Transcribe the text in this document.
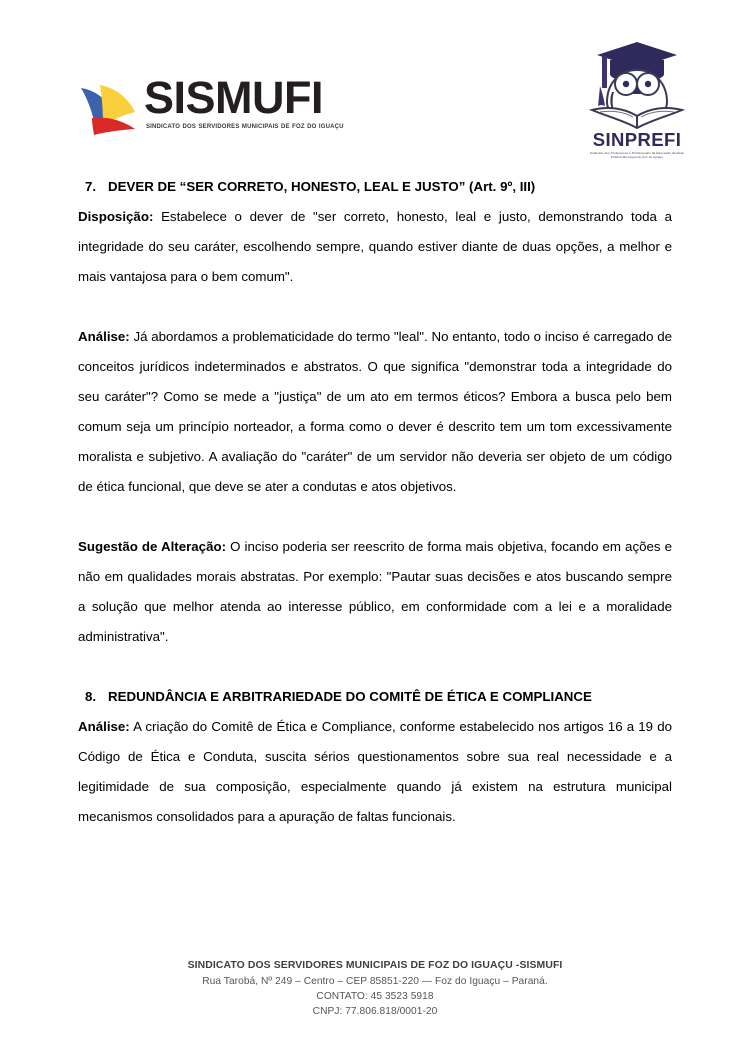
SISMUFI
sindicato dos servidores municipais de foz do iguaçu
SINPREFI
Sindicato dos Professores e Profissionais da Educação da Rede Pública Municipal de Foz do Iguaçu
7. DEVER DE “SER CORRETO, HONESTO, LEAL E JUSTO” (Art. 9º, III)

Disposição: Estabelece o dever de "ser correto, honesto, leal e justo, demonstrando toda a integridade do seu caráter, escolhendo sempre, quando estiver diante de duas opções, a melhor e mais vantajosa para o bem comum".

Análise: Já abordamos a problematicidade do termo "leal". No entanto, todo o inciso é carregado de conceitos jurídicos indeterminados e abstratos. O que significa "demonstrar toda a integridade do seu caráter"? Como se mede a "justiça" de um ato em termos éticos? Embora a busca pelo bem comum seja um princípio norteador, a forma como o dever é descrito tem um tom excessivamente moralista e subjetivo. A avaliação do "caráter" de um servidor não deveria ser objeto de um código de ética funcional, que deve se ater a condutas e atos objetivos.

Sugestão de Alteração: O inciso poderia ser reescrito de forma mais objetiva, focando em ações e não em qualidades morais abstratas. Por exemplo: "Pautar suas decisões e atos buscando sempre a solução que melhor atenda ao interesse público, em conformidade com a lei e a moralidade administrativa".

8. REDUNDÂNCIA E ARBITRARIEDADE DO COMITÊ DE ÉTICA E COMPLIANCE

Análise: A criação do Comitê de Ética e Compliance, conforme estabelecido nos artigos 16 a 19 do Código de Ética e Conduta, suscita sérios questionamentos sobre sua real necessidade e a legitimidade de sua composição, especialmente quando já existem na estrutura municipal mecanismos consolidados para a apuração de faltas funcionais.

SINDICATO DOS SERVIDORES MUNICIPAIS DE FOZ DO IGUAÇU -SISMUFI
Rua Tarobá, Nº 249 – Centro – CEP 85851-220 — Foz do Iguaçu – Paraná.
CONTATO: 45 3523 5918
CNPJ: 77.806.818/0001-20
